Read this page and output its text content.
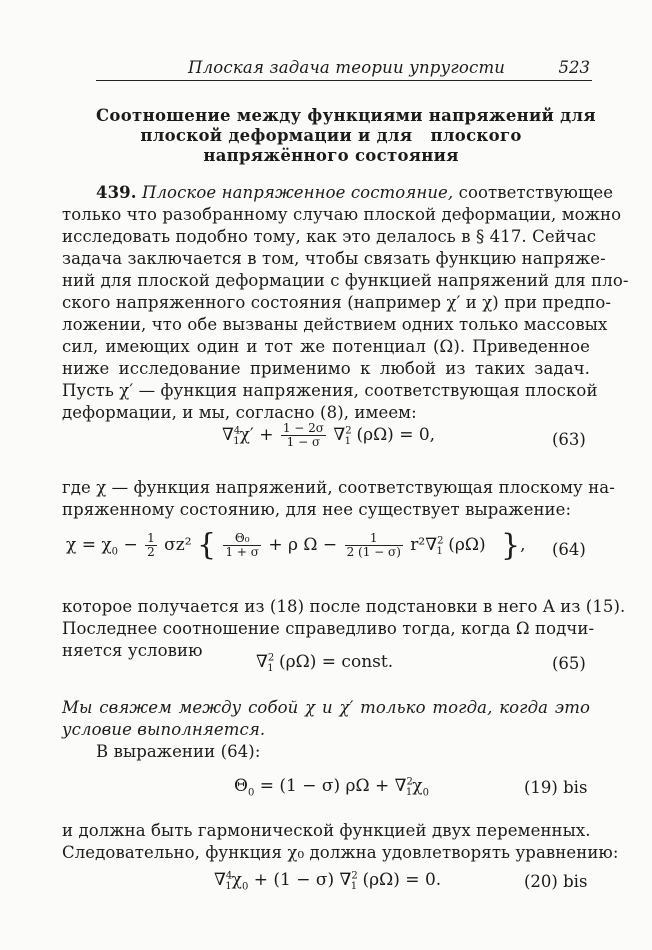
Плоская задача теории упругости	523
Соотношение между функциями напряжений для
плоской деформации и для   плоского
напряжённого состояния
439. Плоское напряженное состояние, соответствующее
только что разобранному случаю плоской деформации, можно
исследовать подобно тому, как это делалось в § 417. Сейчас
задача заключается в том, чтобы связать функцию напряже-
ний для плоской деформации с функцией напряжений для пло-
ского напряженного состояния (например χ′ и χ) при предпо-
ложении, что обе вызваны действием одних только массовых
сил, имеющих один и тот же потенциал (Ω). Приведенное
ниже исследование применимо к любой из таких задач.
Пусть χ′ — функция напряжения, соответствующая плоской
деформации, и мы, согласно (8), имеем:
$\nabla^4_1\chi' + \frac{1 - 2\sigma}{1 - \sigma} \nabla^2_1$ (ρΩ) = 0,	(63)
где χ — функция напряжений, соответствующая плоскому на-
пряженному состоянию, для нее существует выражение:
$\chi = \chi_0 - \frac{1}{2} \sigma z^2$ { $\frac{\text{Θ₀}}{1 + \sigma} + \rho$ $\Omega - \frac{1}{2 (1 - \sigma)} r^2\nabla^2_1$ (ρΩ) }, (64)
которое получается из (18) после подстановки в него A из (15).
Последнее соотношение справедливо тогда, когда Ω подчи-
няется условию
∇$^2_1$ (ρΩ) = const.	(65)
Мы свяжем между собой χ и χ′ только тогда, когда это
условие выполняется.
В выражении (64):
$\Theta_0 = (1 - \sigma) \rho\Omega + \nabla^2_1\chi_0$	(19) bis
и должна быть гармонической функцией двух переменных.
Следовательно, функция χ₀ должна удовлетворять уравнению:
$\nabla^4_1\chi_0 + (1 - \sigma)$ ∇$^2_1$ (ρΩ) = 0.	(20) bis
